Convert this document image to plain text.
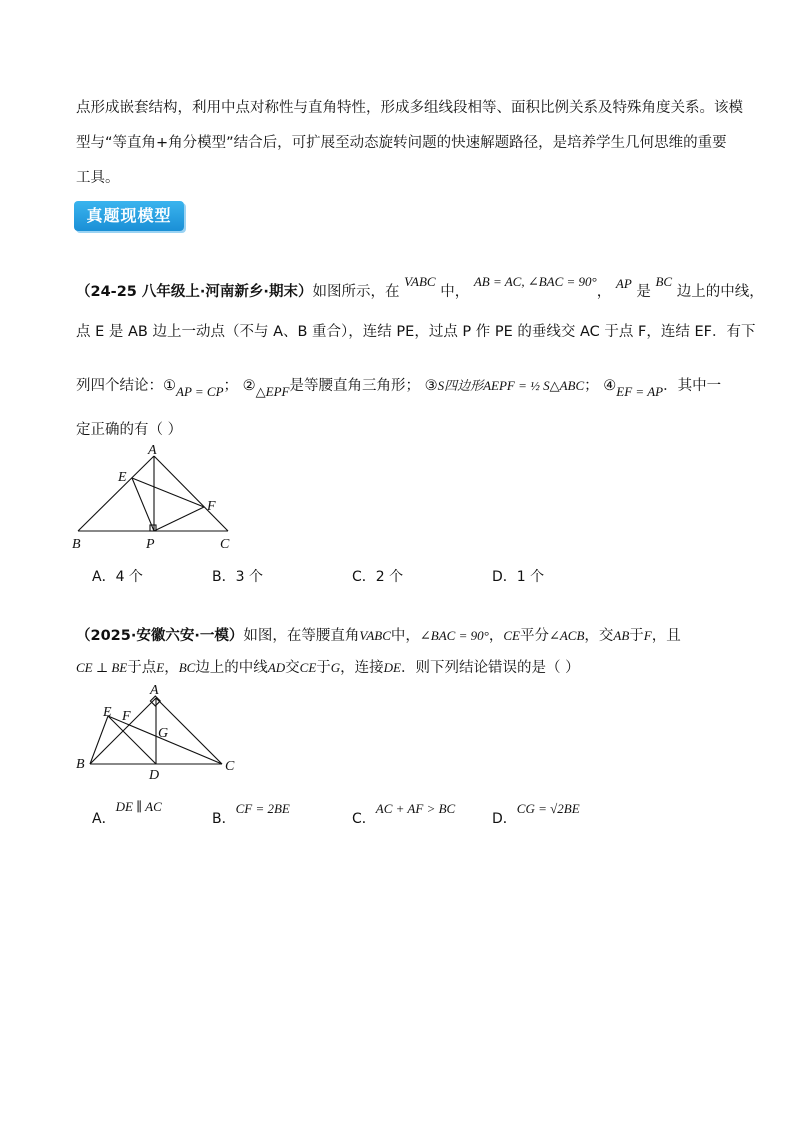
点形成嵌套结构，利用中点对称性与直角特性，形成多组线段相等、面积比例关系及特殊角度关系。该模
型与“等直角+角分模型”结合后，可扩展至动态旋转问题的快速解题路径，是培养学生几何思维的重要
工具。
真题现模型
（24-25 八年级上·河南新乡·期末）如图所示，在 VABC 中， AB = AC, ∠BAC = 90°， AP 是 BC 边上的中线，
点 E 是 AB 边上一动点（不与 A、B 重合），连结 PE，过点 P 作 PE 的垂线交 AC 于点 F，连结 EF．有下
列四个结论：①AP = CP； ②△EPF是等腰直角三角形； ③S四边形AEPF = ½ S△ABC； ④EF = AP．其中一
定正确的有（ ）
A
E
F
B	P	C
A．4 个	B．3 个	C．2 个	D．1 个
（2025·安徽六安·一模）如图，在等腰直角VABC中，∠BAC = 90°，CE平分∠ACB，交AB于F，且
CE ⊥ BE于点E，BC边上的中线AD交CE于G，连接DE．则下列结论错误的是（ ）
A
E F
G
B
D
C
A．DE ∥ AC
B．CF = 2BE
C．AC + AF > BC
D．CG = √2BE
